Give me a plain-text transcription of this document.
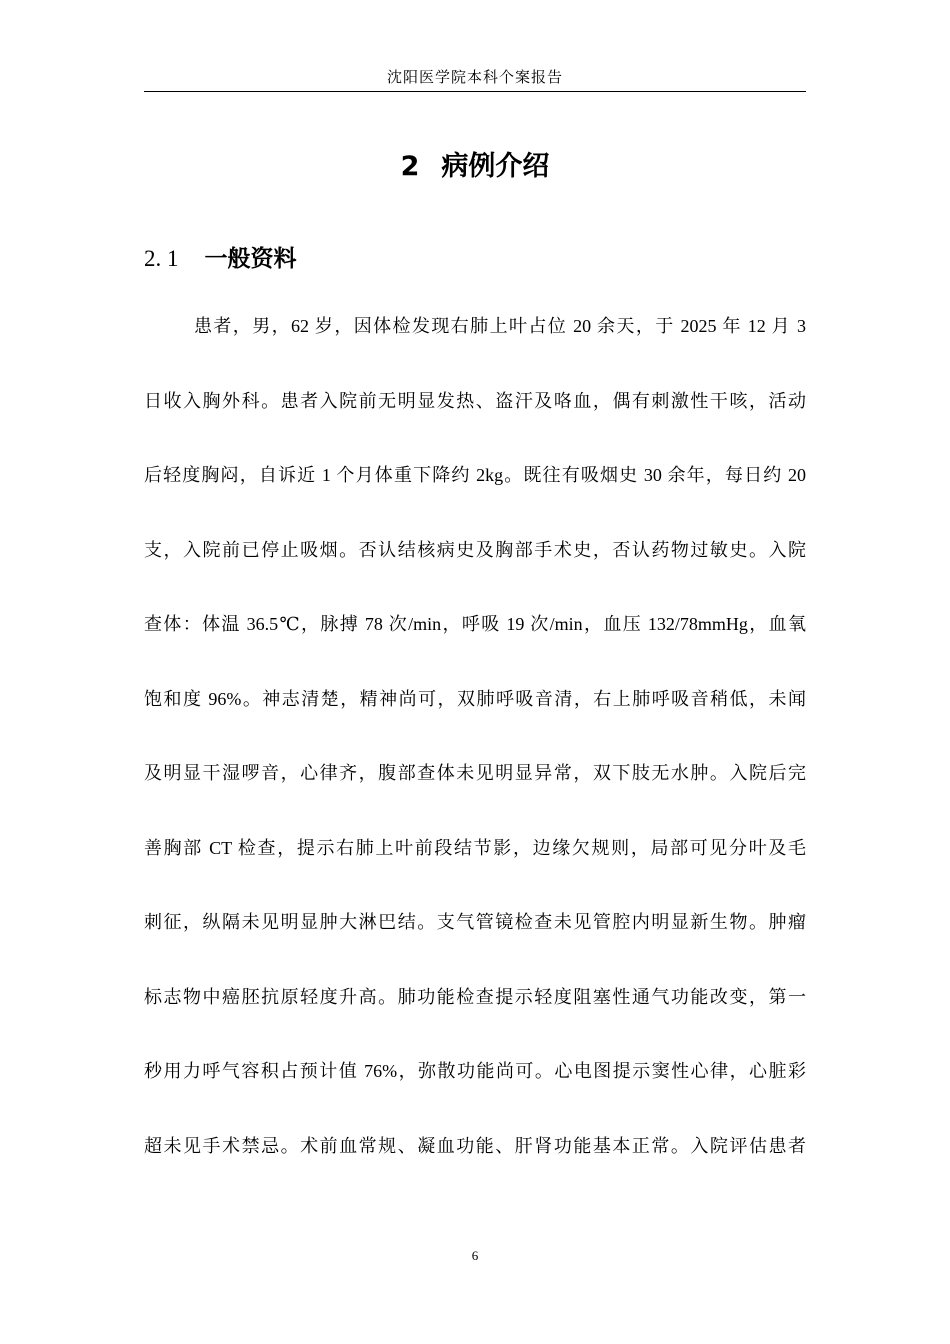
沈阳医学院本科个案报告
2 病例介绍
2. 1 一般资料
患者，男，62 岁，因体检发现右肺上叶占位 20 余天，于 2025 年 12 月 3
日收入胸外科。患者入院前无明显发热、盗汗及咯血，偶有刺激性干咳，活动
后轻度胸闷，自诉近 1 个月体重下降约 2kg。既往有吸烟史 30 余年，每日约 20
支，入院前已停止吸烟。否认结核病史及胸部手术史，否认药物过敏史。入院
查体：体温 36.5℃，脉搏 78 次/min，呼吸 19 次/min，血压 132/78mmHg，血氧
饱和度 96%。神志清楚，精神尚可，双肺呼吸音清，右上肺呼吸音稍低，未闻
及明显干湿啰音，心律齐，腹部查体未见明显异常，双下肢无水肿。入院后完
善胸部 CT 检查，提示右肺上叶前段结节影，边缘欠规则，局部可见分叶及毛
刺征，纵隔未见明显肿大淋巴结。支气管镜检查未见管腔内明显新生物。肿瘤
标志物中癌胚抗原轻度升高。肺功能检查提示轻度阻塞性通气功能改变，第一
秒用力呼气容积占预计值 76%，弥散功能尚可。心电图提示窦性心律，心脏彩
超未见手术禁忌。术前血常规、凝血功能、肝肾功能基本正常。入院评估患者
6
